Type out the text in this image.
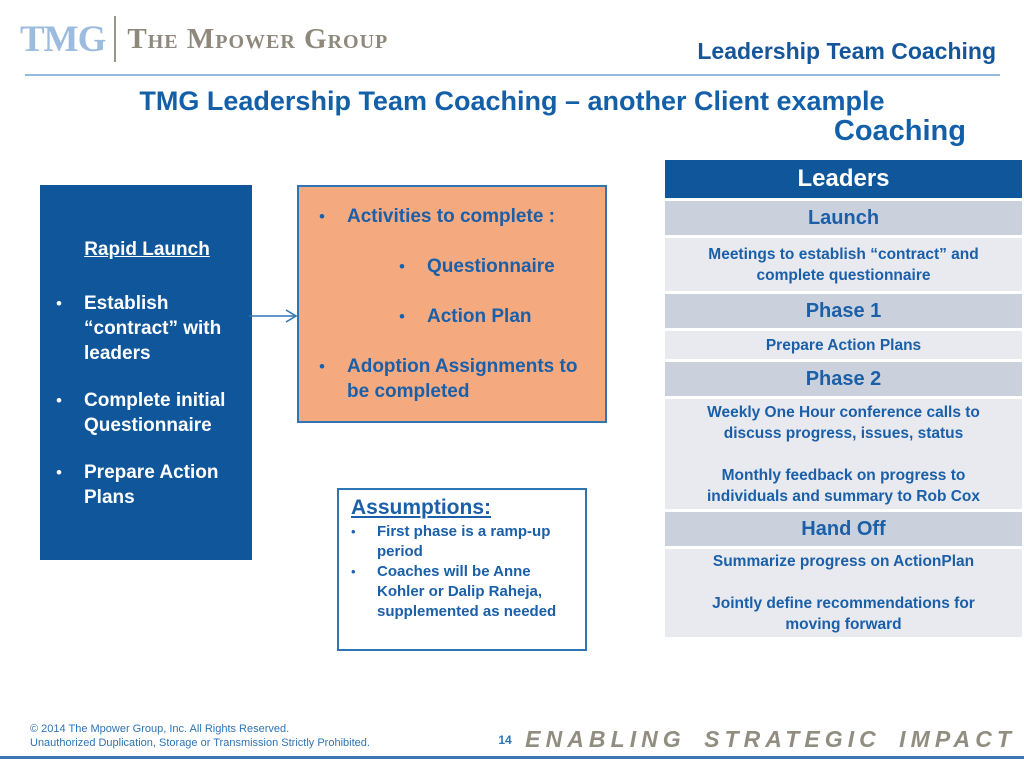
TMG The Mpower Group	Leadership Team Coaching
TMG Leadership Team Coaching – another Client example
Coaching
Rapid Launch
•	Establish “contract” with leaders
•	Complete initial Questionnaire
•	Prepare Action Plans
•	Activities to complete :
•	Questionnaire
•	Action Plan
•	Adoption Assignments to be completed
Assumptions:
•	First phase is a ramp-up period
•	Coaches will be Anne Kohler or Dalip Raheja, supplemented as needed
Leaders
Launch

Meetings to establish “contract” and complete questionnaire

Phase 1

Prepare Action Plans

Phase 2

Weekly One Hour conference calls to discuss progress, issues, status

Monthly feedback on progress to individuals and summary to Rob Cox

Hand Off

Summarize progress on ActionPlan

Jointly define recommendations for moving forward

© 2014 The Mpower Group, Inc. All Rights Reserved.
Unauthorized Duplication, Storage or Transmission Strictly Prohibited.	14 ENABLING STRATEGIC IMPACT
